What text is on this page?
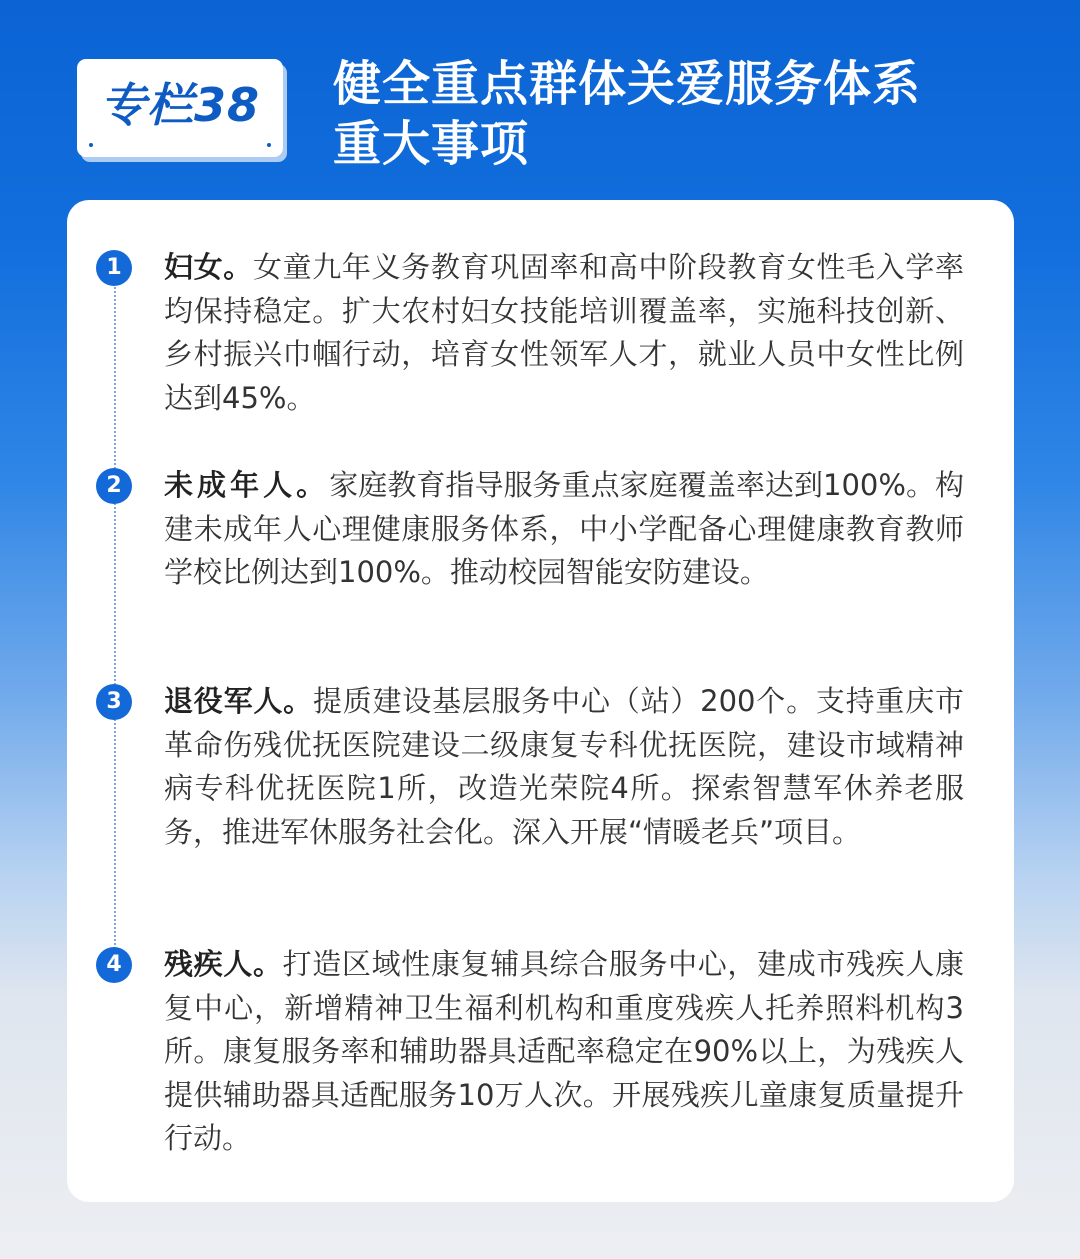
专栏38	健全重点群体关爱服务体系
重大事项
1	妇女。女童九年义务教育巩固率和高中阶段教育女性毛入学率均保持稳定。扩大农村妇女技能培训覆盖率，实施科技创新、乡村振兴巾帼行动，培育女性领军人才，就业人员中女性比例达到45%。

2	未成年人。家庭教育指导服务重点家庭覆盖率达到100%。构建未成年人心理健康服务体系，中小学配备心理健康教育教师学校比例达到100%。推动校园智能安防建设。

3	退役军人。提质建设基层服务中心（站）200个。支持重庆市革命伤残优抚医院建设二级康复专科优抚医院，建设市域精神病专科优抚医院1所，改造光荣院4所。探索智慧军休养老服务，推进军休服务社会化。深入开展“情暖老兵”项目。

4	残疾人。打造区域性康复辅具综合服务中心，建成市残疾人康复中心，新增精神卫生福利机构和重度残疾人托养照料机构3所。康复服务率和辅助器具适配率稳定在90%以上，为残疾人提供辅助器具适配服务10万人次。开展残疾儿童康复质量提升行动。
